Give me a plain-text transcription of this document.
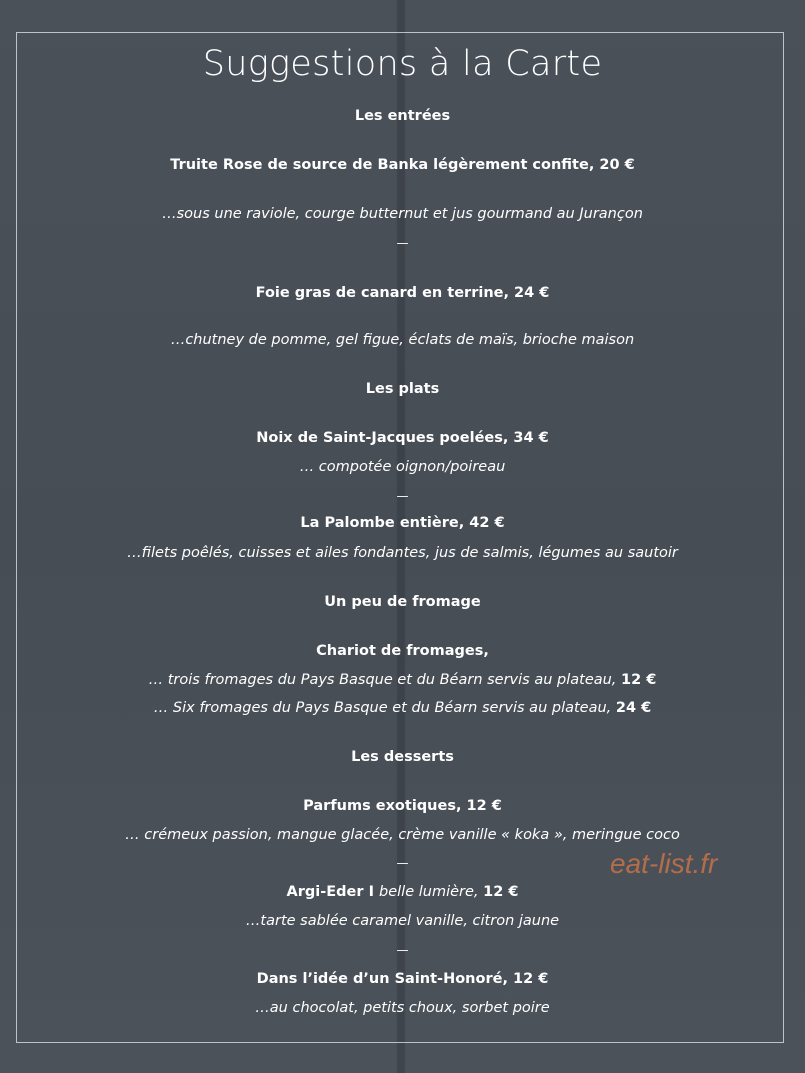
Suggestions à la Carte
Les entrées
Truite Rose de source de Banka légèrement confite, 20 €
…sous une raviole, courge butternut et jus gourmand au Jurançon
—
Foie gras de canard en terrine, 24 €
…chutney de pomme, gel figue, éclats de maïs, brioche maison
Les plats
Noix de Saint-Jacques poelées, 34 €
… compotée oignon/poireau
—
La Palombe entière, 42 €
…filets poêlés, cuisses et ailes fondantes, jus de salmis, légumes au sautoir
Un peu de fromage
Chariot de fromages,
… trois fromages du Pays Basque et du Béarn servis au plateau, 12 €
… Six fromages du Pays Basque et du Béarn servis au plateau, 24 €
Les desserts
Parfums exotiques, 12 €
… crémeux passion, mangue glacée, crème vanille « koka », meringue coco
—
Argi-Eder I belle lumière, 12 €
…tarte sablée caramel vanille, citron jaune
—
Dans l’idée d’un Saint-Honoré, 12 €
…au chocolat, petits choux, sorbet poire
eat-list.fr
